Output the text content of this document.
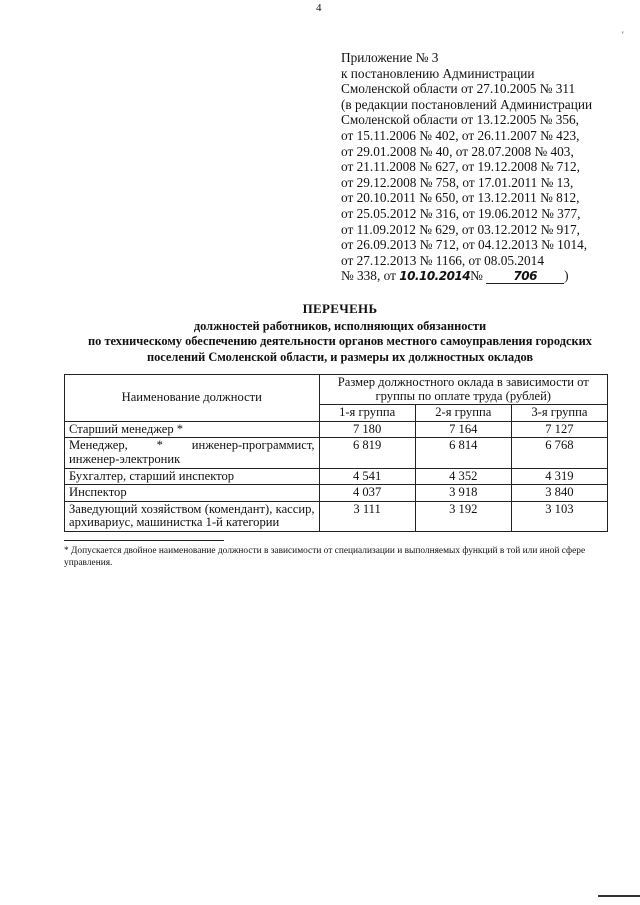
4
'
Приложение № 3
к постановлению Администрации
Смоленской области от 27.10.2005 № 311
(в редакции постановлений Администрации
Смоленской области от 13.12.2005 № 356,
от 15.11.2006 № 402, от 26.11.2007 № 423,
от 29.01.2008 № 40, от 28.07.2008 № 403,
от 21.11.2008 № 627, от 19.12.2008 № 712,
от 29.12.2008 № 758, от 17.01.2011 № 13,
от 20.10.2011 № 650, от 13.12.2011 № 812,
от 25.05.2012 № 316, от 19.06.2012 № 377,
от 11.09.2012 № 629, от 03.12.2012 № 917,
от 26.09.2013 № 712, от 04.12.2013 № 1014,
от 27.12.2013 № 1166, от 08.05.2014
№ 338, от 10.10.2014№	706 )
ПЕРЕЧЕНЬ
должностей работников, исполняющих обязанности
по техническому обеспечению деятельности органов местного самоуправления городских
поселений Смоленской области, и размеры их должностных окладов
Наименование должности	Размер должностного оклада в зависимости от группы по оплате труда (рублей)		
	1-я группа	2-я группа	3-я группа
Старший менеджер *	7 180	7 164	7 127
Менеджер, * инженер-программист, инженер-электроник	6 819	6 814	6 768
Бухгалтер, старший инспектор	4 541	4 352	4 319
Инспектор	4 037	3 918	3 840
Заведующий хозяйством (комендант), кассир, архивариус, машинистка 1-й категории	3 111	3 192	3 103
* Допускается двойное наименование должности в зависимости от специализации и выполняемых функций в той или иной сфере управления.
